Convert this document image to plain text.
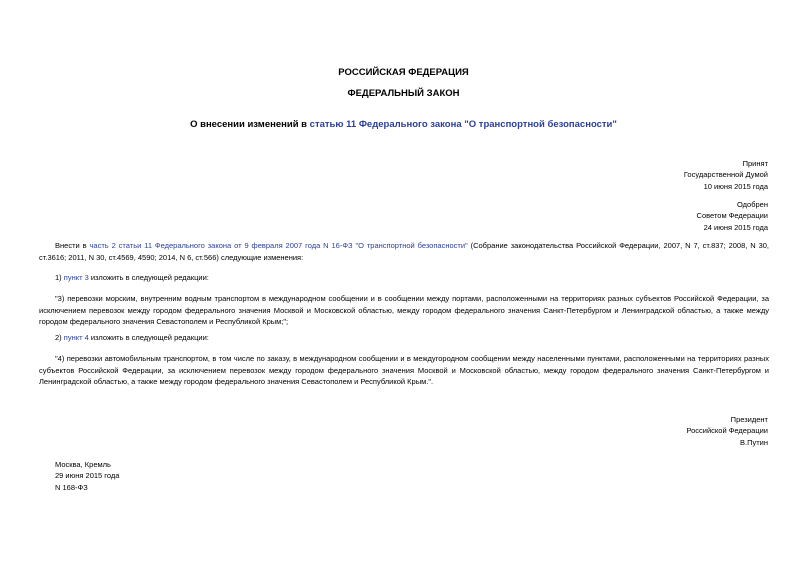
РОССИЙСКАЯ ФЕДЕРАЦИЯ
ФЕДЕРАЛЬНЫЙ ЗАКОН
О внесении изменений в статью 11 Федерального закона "О транспортной безопасности"
Принят
Государственной Думой
10 июня 2015 года
Одобрен
Советом Федерации
24 июня 2015 года
Внести в часть 2 статьи 11 Федерального закона от 9 февраля 2007 года N 16-ФЗ "О транспортной безопасности" (Собрание законодательства Российской Федерации, 2007, N 7, ст.837; 2008, N 30, ст.3616; 2011, N 30, ст.4569, 4590; 2014, N 6, ст.566) следующие изменения:
1) пункт 3 изложить в следующей редакции:
"3) перевозки морским, внутренним водным транспортом в международном сообщении и в сообщении между портами, расположенными на территориях разных субъектов Российской Федерации, за исключением перевозок между городом федерального значения Москвой и Московской областью, между городом федерального значения Санкт-Петербургом и Ленинградской областью, а также между городом федерального значения Севастополем и Республикой Крым;";
2) пункт 4 изложить в следующей редакции:
"4) перевозки автомобильным транспортом, в том числе по заказу, в международном сообщении и в междугородном сообщении между населенными пунктами, расположенными на территориях разных субъектов Российской Федерации, за исключением перевозок между городом федерального значения Москвой и Московской областью, между городом федерального значения Санкт-Петербургом и Ленинградской областью, а также между городом федерального значения Севастополем и Республикой Крым.".
Президент
Российской Федерации
В.Путин
Москва, Кремль
29 июня 2015 года
N 168-ФЗ
